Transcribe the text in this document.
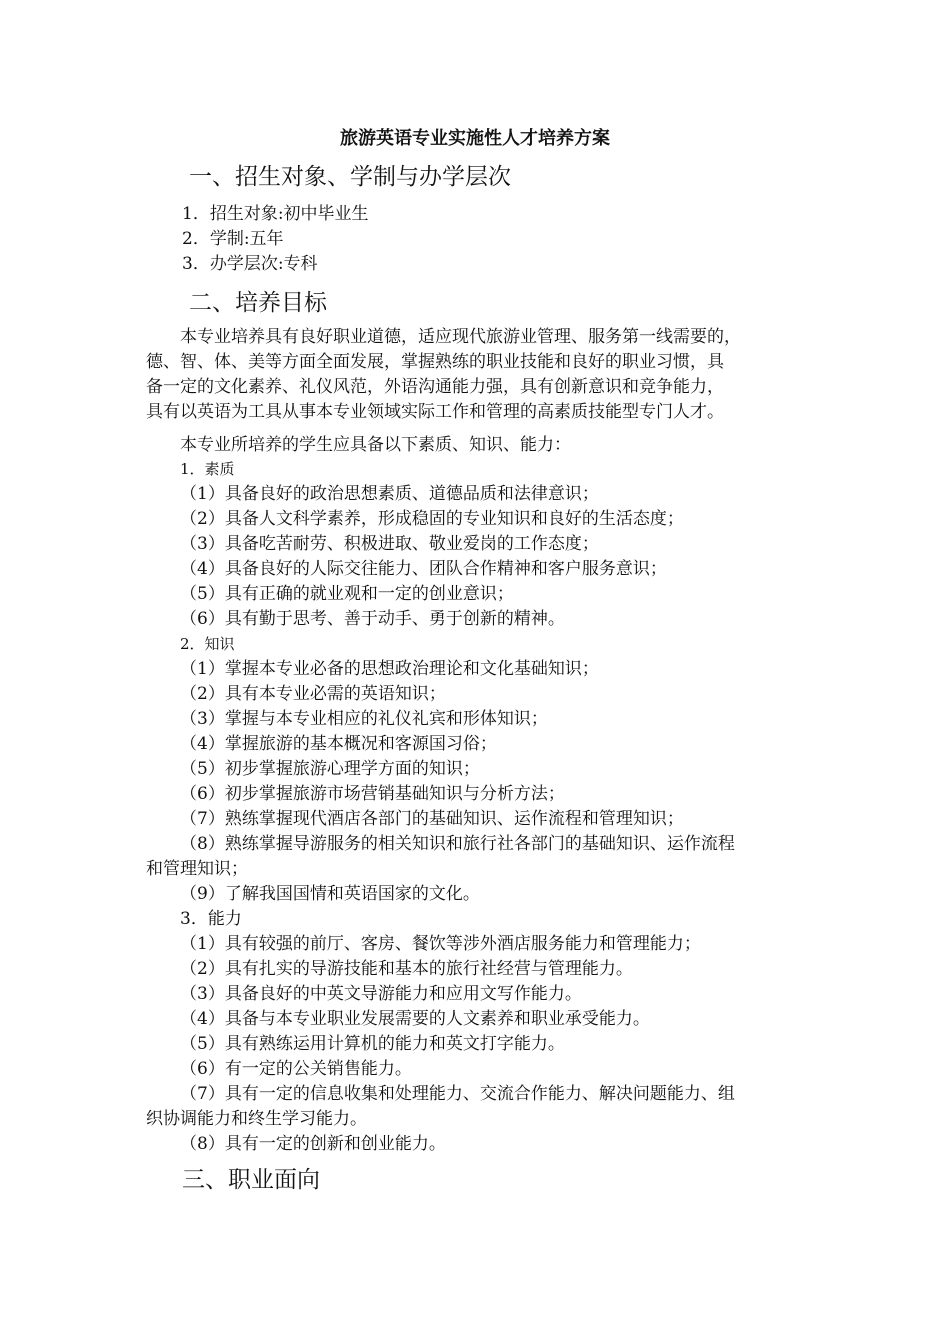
旅游英语专业实施性人才培养方案

一、招生对象、学制与办学层次

1．招生对象:初中毕业生

2．学制:五年

3．办学层次:专科

二、培养目标

本专业培养具有良好职业道德，适应现代旅游业管理、服务第一线需要的，

德、智、体、美等方面全面发展，掌握熟练的职业技能和良好的职业习惯，具

备一定的文化素养、礼仪风范，外语沟通能力强，具有创新意识和竞争能力，

具有以英语为工具从事本专业领域实际工作和管理的高素质技能型专门人才。

本专业所培养的学生应具备以下素质、知识、能力：

1．素质

（1）具备良好的政治思想素质、道德品质和法律意识；

（2）具备人文科学素养，形成稳固的专业知识和良好的生活态度；

（3）具备吃苦耐劳、积极进取、敬业爱岗的工作态度；

（4）具备良好的人际交往能力、团队合作精神和客户服务意识；

（5）具有正确的就业观和一定的创业意识；

（6）具有勤于思考、善于动手、勇于创新的精神。

2．知识

（1）掌握本专业必备的思想政治理论和文化基础知识；

（2）具有本专业必需的英语知识；

（3）掌握与本专业相应的礼仪礼宾和形体知识；

（4）掌握旅游的基本概况和客源国习俗；

（5）初步掌握旅游心理学方面的知识；

（6）初步掌握旅游市场营销基础知识与分析方法；

（7）熟练掌握现代酒店各部门的基础知识、运作流程和管理知识；

（8）熟练掌握导游服务的相关知识和旅行社各部门的基础知识、运作流程

和管理知识；

（9）了解我国国情和英语国家的文化。

3．能力

（1）具有较强的前厅、客房、餐饮等涉外酒店服务能力和管理能力；

（2）具有扎实的导游技能和基本的旅行社经营与管理能力。

（3）具备良好的中英文导游能力和应用文写作能力。

（4）具备与本专业职业发展需要的人文素养和职业承受能力。

（5）具有熟练运用计算机的能力和英文打字能力。

（6）有一定的公关销售能力。

（7）具有一定的信息收集和处理能力、交流合作能力、解决问题能力、组

织协调能力和终生学习能力。

（8）具有一定的创新和创业能力。

三、职业面向
